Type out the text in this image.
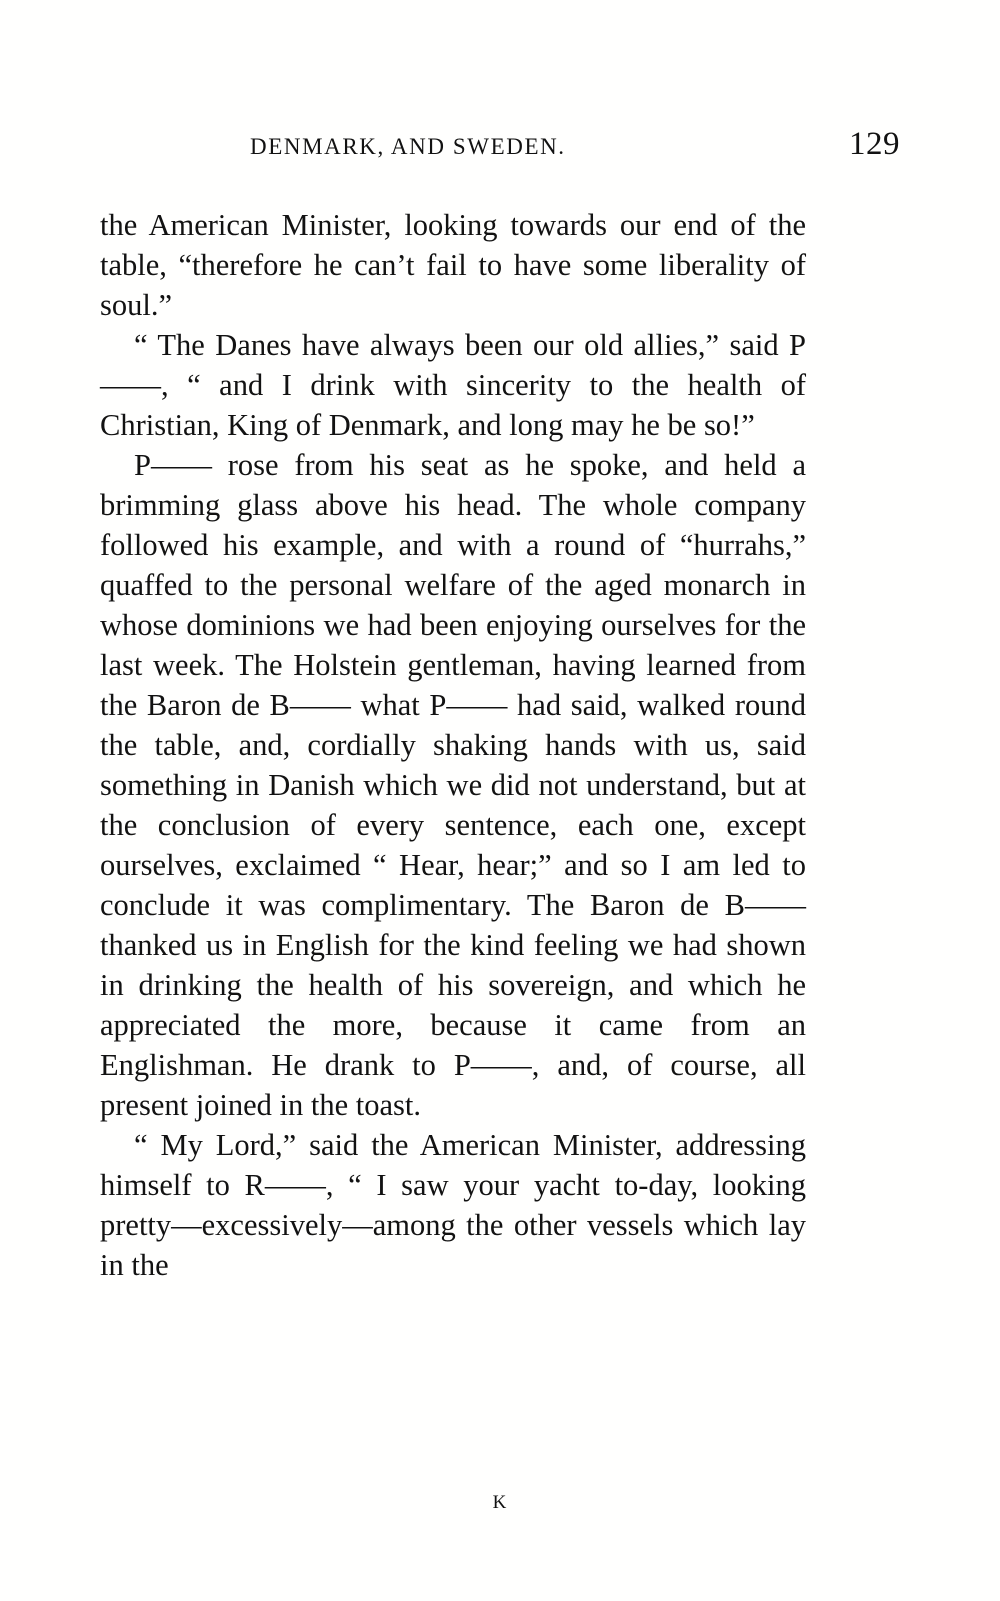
DENMARK, AND SWEDEN.	129

the American Minister, looking towards our end of the table, “therefore he can’t fail to have some liberality of soul.”

“ The Danes have always been our old allies,” said P——, “ and I drink with sincerity to the health of Christian, King of Denmark, and long may he be so!”

P—— rose from his seat as he spoke, and held a brimming glass above his head. The whole company followed his example, and with a round of “hurrahs,” quaffed to the personal welfare of the aged monarch in whose dominions we had been enjoying ourselves for the last week. The Holstein gentleman, having learned from the Baron de B—— what P—— had said, walked round the table, and, cordially shaking hands with us, said something in Danish which we did not understand, but at the conclusion of every sentence, each one, except ourselves, exclaimed “ Hear, hear;” and so I am led to conclude it was complimentary. The Baron de B—— thanked us in English for the kind feeling we had shown in drinking the health of his sovereign, and which he appreciated the more, because it came from an Englishman. He drank to P——, and, of course, all present joined in the toast.

“ My Lord,” said the American Minister, addressing himself to R——, “ I saw your yacht to-day, looking pretty—excessively—among the other vessels which lay in the

K
